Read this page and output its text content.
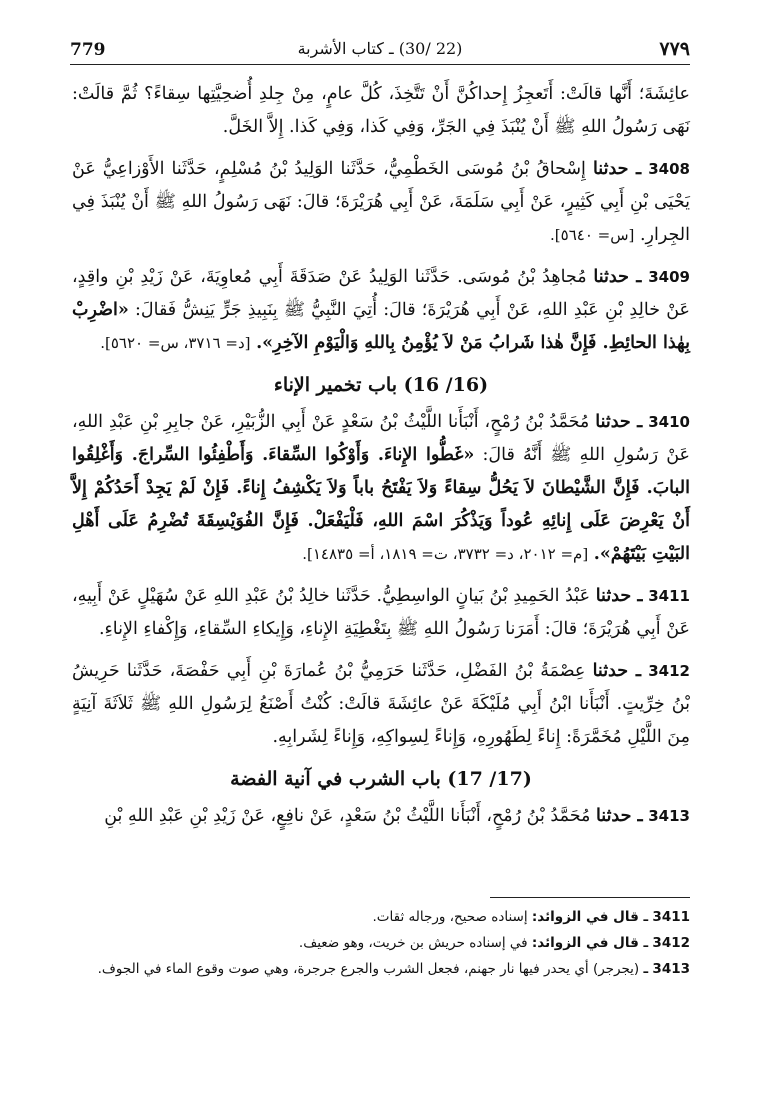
779	(22 /30) ـ كتاب الأشربة	٧٧٩

عائِشَةَ؛ أَنَّها قالَتْ: أَتَعجِزُ إِحداكُنَّ أَنْ تَتَّخِذَ، كُلَّ عامٍ، مِنْ جِلدِ أُضحِيَّتِها سِقاءً؟ ثُمَّ قالَتْ: نَهَى رَسُولُ اللهِ ﷺ أَنْ يُنْبَذَ فِي الجَرِّ، وَفِي كَذا، وَفِي كَذا. إِلاَّ الخَلَّ.

3408 ـ حدثنا إِسْحاقُ بْنُ مُوسَى الخَطْمِيُّ، حَدَّثَنا الوَلِيدُ بْنُ مُسْلِمٍ، حَدَّثَنا الأَوْزاعِيُّ عَنْ يَحْيَى بْنِ أَبِي كَثِيرٍ، عَنْ أَبِي سَلَمَةَ، عَنْ أَبِي هُرَيْرَةَ؛ قالَ: نَهَى رَسُولُ اللهِ ﷺ أَنْ يُنْبَذَ فِي الجِرارِ. [س= ٥٦٤٠].

3409 ـ حدثنا مُجاهِدُ بْنُ مُوسَى. حَدَّثَنا الوَلِيدُ عَنْ صَدَقَةَ أَبِي مُعاوِيَةَ، عَنْ زَيْدِ بْنِ واقِدٍ، عَنْ خالِدِ بْنِ عَبْدِ اللهِ، عَنْ أَبِي هُرَيْرَةَ؛ قالَ: أُتِيَ النَّبِيُّ ﷺ بِنَبِيذِ جَرٍّ يَنِشُّ فَقالَ: «اضْرِبْ بِهٰذا الحائِطِ. فَإِنَّ هٰذا شَرابُ مَنْ لاَ يُؤْمِنُ بِاللهِ وَالْيَوْمِ الآخِرِ». [د= ٣٧١٦، س= ٥٦٢٠].

(16/ 16) باب تخمير الإناء

3410 ـ حدثنا مُحَمَّدُ بْنُ رُمْحٍ، أَنْبَأَنا اللَّيْثُ بْنُ سَعْدٍ عَنْ أَبِي الزُّبَيْرِ، عَنْ جابِرِ بْنِ عَبْدِ اللهِ، عَنْ رَسُولِ اللهِ ﷺ أَنَّهُ قالَ: «غَطُّوا الإِناءَ. وَأَوْكُوا السِّقاءَ. وَأَطْفِئُوا السِّراجَ. وَأَغْلِقُوا البابَ. فَإِنَّ الشَّيْطانَ لاَ يَحُلُّ سِقاءً وَلاَ يَفْتَحُ باباً وَلاَ يَكْشِفُ إِناءً. فَإِنْ لَمْ يَجِدْ أَحَدُكُمْ إِلاَّ أَنْ يَعْرِضَ عَلَى إِنائِهِ عُوداً وَيَذْكُرَ اسْمَ اللهِ، فَلْيَفْعَلْ. فَإِنَّ الفُوَيْسِقَةَ تُضْرِمُ عَلَى أَهْلِ البَيْتِ بَيْتَهُمْ». [م= ٢٠١٢، د= ٣٧٣٢، ت= ١٨١٩، أ= ١٤٨٣٥].

3411 ـ حدثنا عَبْدُ الحَمِيدِ بْنُ بَيانٍ الواسِطِيُّ. حَدَّثَنا خالِدُ بْنُ عَبْدِ اللهِ عَنْ سُهَيْلٍ عَنْ أَبِيهِ، عَنْ أَبِي هُرَيْرَةَ؛ قالَ: أَمَرَنا رَسُولُ اللهِ ﷺ بِتَغْطِيَةِ الإِناءِ، وَإِيكاءِ السِّقاءِ، وَإِكْفاءِ الإِناءِ.

3412 ـ حدثنا عِصْمَةُ بْنُ الفَضْلِ، حَدَّثَنا حَرَمِيُّ بْنُ عُمارَةَ بْنِ أَبِي حَفْصَةَ، حَدَّثَنا حَرِيشُ بْنُ خِرِّيتٍ. أَنْبَأَنا ابْنُ أَبِي مُلَيْكَةَ عَنْ عائِشَةَ قالَتْ: كُنْتُ أَصْنَعُ لِرَسُولِ اللهِ ﷺ ثَلاَثَةَ آنِيَةٍ مِنَ اللَّيْلِ مُخَمَّرَةً: إِناءً لِطَهُورِهِ، وَإِناءً لِسِواكِهِ، وَإِناءً لِشَرابِهِ.

(17/ 17) باب الشرب في آنية الفضة

3413 ـ حدثنا مُحَمَّدُ بْنُ رُمْحٍ، أَنْبَأَنا اللَّيْثُ بْنُ سَعْدٍ، عَنْ نافِعٍ، عَنْ زَيْدِ بْنِ عَبْدِ اللهِ بْنِ

3411 ـ قال في الزوائد: إسناده صحيح، ورجاله ثقات.

3412 ـ قال في الزوائد: في إسناده حريش بن خريت، وهو ضعيف.

3413 ـ (يجرجر) أي يحدر فيها نار جهنم، فجعل الشرب والجرع جرجرة، وهي صوت وقوع الماء في الجوف.
